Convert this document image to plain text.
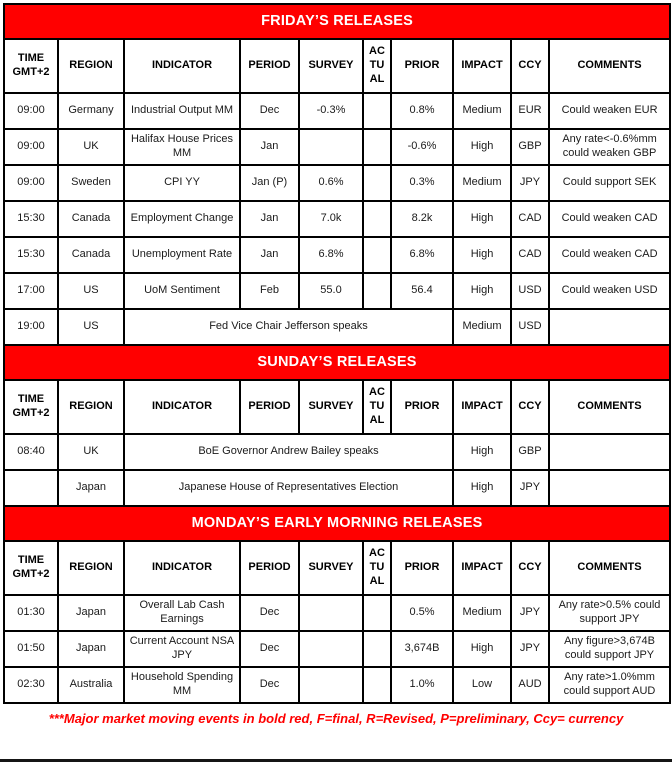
FRIDAY’S RELEASES									
TIME GMT+2	REGION	INDICATOR	PERIOD	SURVEY	AC TU AL	PRIOR	IMPACT	CCY	COMMENTS
09:00	Germany	Industrial Output MM	Dec	-0.3%		0.8%	Medium	EUR	Could weaken EUR
09:00	UK	Halifax House Prices MM	Jan			-0.6%	High	GBP	Any rate<-0.6%mm could weaken GBP
09:00	Sweden	CPI YY	Jan (P)	0.6%		0.3%	Medium	JPY	Could support SEK
15:30	Canada	Employment Change	Jan	7.0k		8.2k	High	CAD	Could weaken CAD
15:30	Canada	Unemployment Rate	Jan	6.8%		6.8%	High	CAD	Could weaken CAD
17:00	US	UoM Sentiment	Feb	55.0		56.4	High	USD	Could weaken USD
19:00	US	Fed Vice Chair Jefferson speaks					Medium	USD	
SUNDAY’S RELEASES									
TIME GMT+2	REGION	INDICATOR	PERIOD	SURVEY	AC TU AL	PRIOR	IMPACT	CCY	COMMENTS
08:40	UK	BoE Governor Andrew Bailey speaks					High	GBP	
	Japan	Japanese House of Representatives Election					High	JPY	
MONDAY’S EARLY MORNING RELEASES									
TIME GMT+2	REGION	INDICATOR	PERIOD	SURVEY	AC TU AL	PRIOR	IMPACT	CCY	COMMENTS
01:30	Japan	Overall Lab Cash Earnings	Dec			0.5%	Medium	JPY	Any rate>0.5% could support JPY
01:50	Japan	Current Account NSA JPY	Dec			3,674B	High	JPY	Any figure>3,674B could support JPY
02:30	Australia	Household Spending MM	Dec			1.0%	Low	AUD	Any rate>1.0%mm could support AUD
***Major market moving events in bold red, F=final, R=Revised, P=preliminary, Ccy= currency
